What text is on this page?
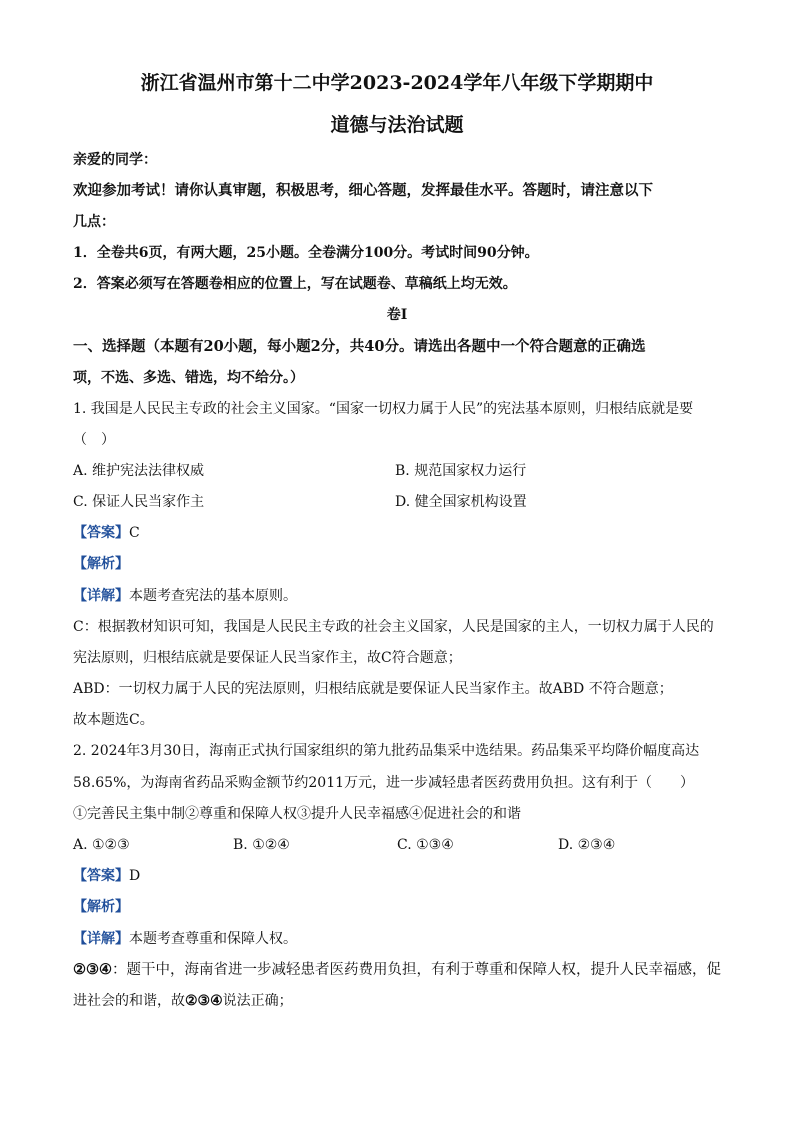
浙江省温州市第十二中学2023-2024学年八年级下学期期中
道德与法治试题
亲爱的同学：
欢迎参加考试！请你认真审题，积极思考，细心答题，发挥最佳水平。答题时，请注意以下
几点：
1．全卷共6页，有两大题，25小题。全卷满分100分。考试时间90分钟。
2．答案必须写在答题卷相应的位置上，写在试题卷、草稿纸上均无效。
卷Ⅰ
一、选择题（本题有20小题，每小题2分，共40分。请选出各题中一个符合题意的正确选
项，不选、多选、错选，均不给分。）
1. 我国是人民民主专政的社会主义国家。“国家一切权力属于人民”的宪法基本原则，归根结底就是要
（　）
A. 维护宪法法律权威	B. 规范国家权力运行
C. 保证人民当家作主	D. 健全国家机构设置
【答案】C
【解析】
【详解】本题考查宪法的基本原则。
C：根据教材知识可知，我国是人民民主专政的社会主义国家，人民是国家的主人，一切权力属于人民的
宪法原则，归根结底就是要保证人民当家作主，故C符合题意；
ABD：一切权力属于人民的宪法原则，归根结底就是要保证人民当家作主。故ABD 不符合题意；
故本题选C。
2. 2024年3月30日，海南正式执行国家组织的第九批药品集采中选结果。药品集采平均降价幅度高达
58.65%，为海南省药品采购金额节约2011万元，进一步减轻患者医药费用负担。这有利于（　　）
①完善民主集中制②尊重和保障人权③提升人民幸福感④促进社会的和谐
A. ①②③	B. ①②④	C. ①③④	D. ②③④
【答案】D
【解析】
【详解】本题考查尊重和保障人权。
②③④：题干中，海南省进一步减轻患者医药费用负担，有利于尊重和保障人权，提升人民幸福感，促
进社会的和谐，故②③④说法正确；
